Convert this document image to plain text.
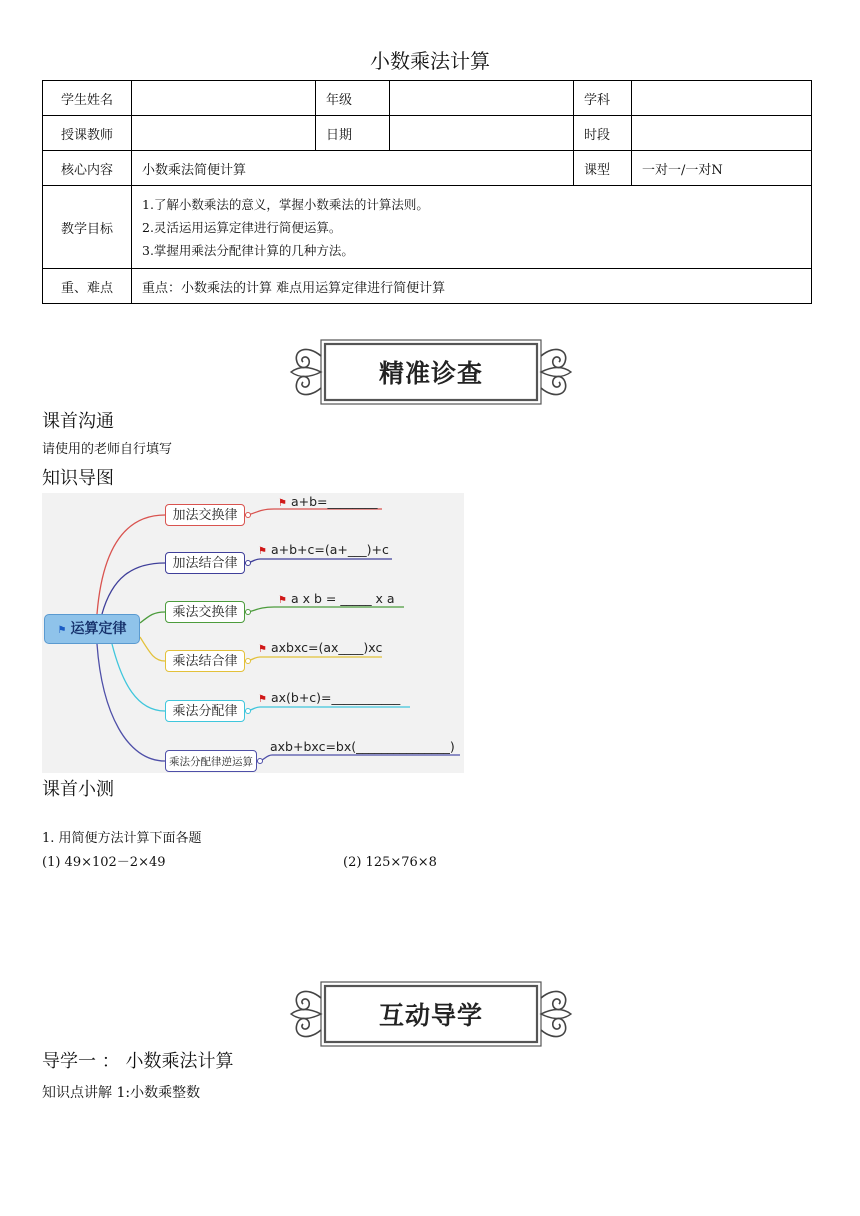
小数乘法计算
学生姓名		年级		学科	
授课教师		日期		时段	
核心内容	小数乘法简便计算			课型	一对一/一对N
教学目标	1.了解小数乘法的意义，掌握小数乘法的计算法则。
2.灵活运用运算定律进行简便运算。
3.掌握用乘法分配律计算的几种方法。				

重、难点	重点：小数乘法的计算 难点用运算定律进行简便计算				
精准诊查
课首沟通
请使用的老师自行填写
知识导图
⚑ 运算定律
加法交换律
⚑ a+b=________
加法结合律
⚑ a+b+c=(a+___)+c
乘法交换律
⚑ a x b = _____ x a
乘法结合律
⚑ axbxc=(ax____)xc
乘法分配律
⚑ ax(b+c)=___________
乘法分配律逆运算
axb+bxc=bx(_______________)
课首小测
1. 用简便方法计算下面各题
(1) 49×102－2×49	(2) 125×76×8
互动导学
导学一 ： 小数乘法计算
知识点讲解 1:小数乘整数
